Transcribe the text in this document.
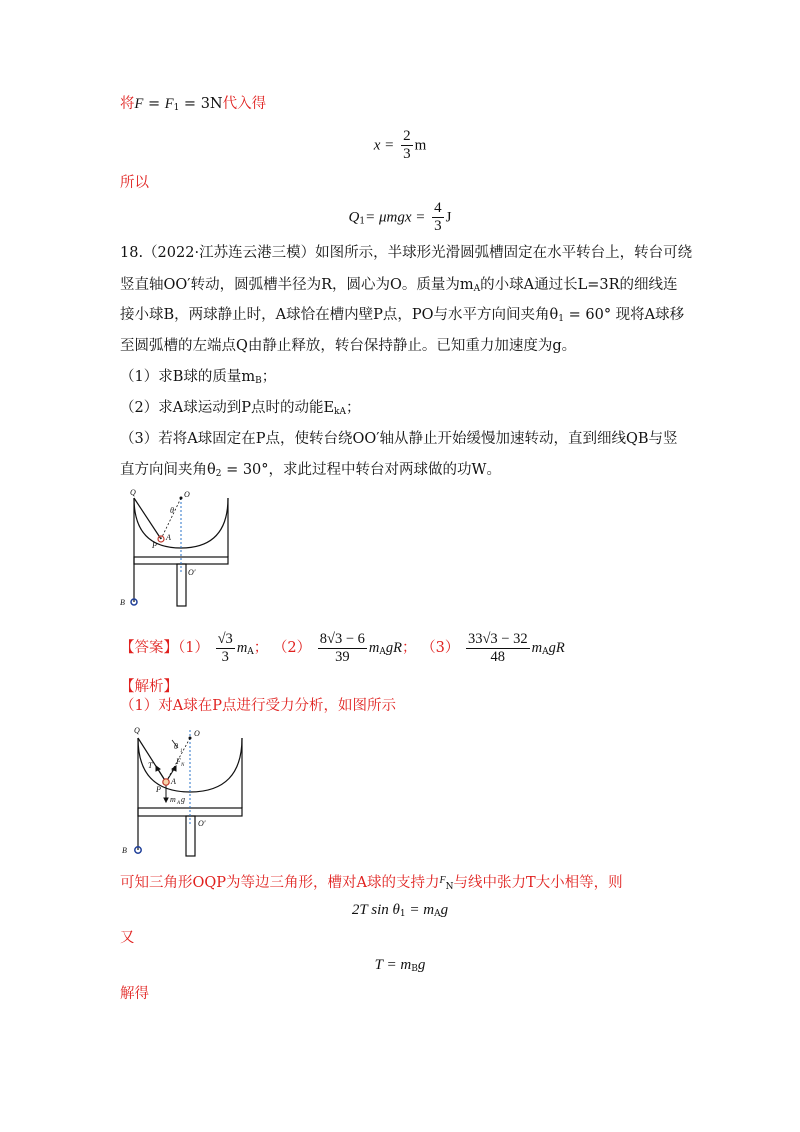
将$F = F_1 = 3N$代入得
$x = \frac{2}{3}$ m
所以
$Q_1= \mu mgx = \frac{4}{3}$ J
18.（2022·江苏连云港三模）如图所示，半球形光滑圆弧槽固定在水平转台上，转台可绕
竖直轴OO′转动，圆弧槽半径为R，圆心为O。质量为$m_A$的小球A通过长L=3R的细线连
接小球B，两球静止时，A球恰在槽内壁P点，PO与水平方向间夹角$\theta_1 = 60^\circ$ 现将A球移
至圆弧槽的左端点Q由静止释放，转台保持静止。已知重力加速度为g。
（1）求B球的质量$m_B$；
（2）求A球运动到P点时的动能$E_{kA}$；
（3）若将A球固定在P点，使转台绕OO′轴从静止开始缓慢加速转动，直到细线QB与竖
直方向间夹角$\theta_2 = 30^\circ$，求此过程中转台对两球做的功W。
Q	O
θ
A
P
O′
B
【答案】$(1) \frac{√3}{3} m_A$； $(2) \frac{8√3 - 6}{39} m_AgR$； $(3) \frac{33√3 - 32}{48} m_AgR$
【解析】
（1）对A球在P点进行受力分析，如图所示
Q	O
θ
1
T	F N
A
P
m A g
O′
B
可知三角形OQP为等边三角形，槽对A球的支持力$^F_N$与线中张力T大小相等，则
2T $\sin \theta_1 = m_Ag$
又
$T = m_Bg$
解得
